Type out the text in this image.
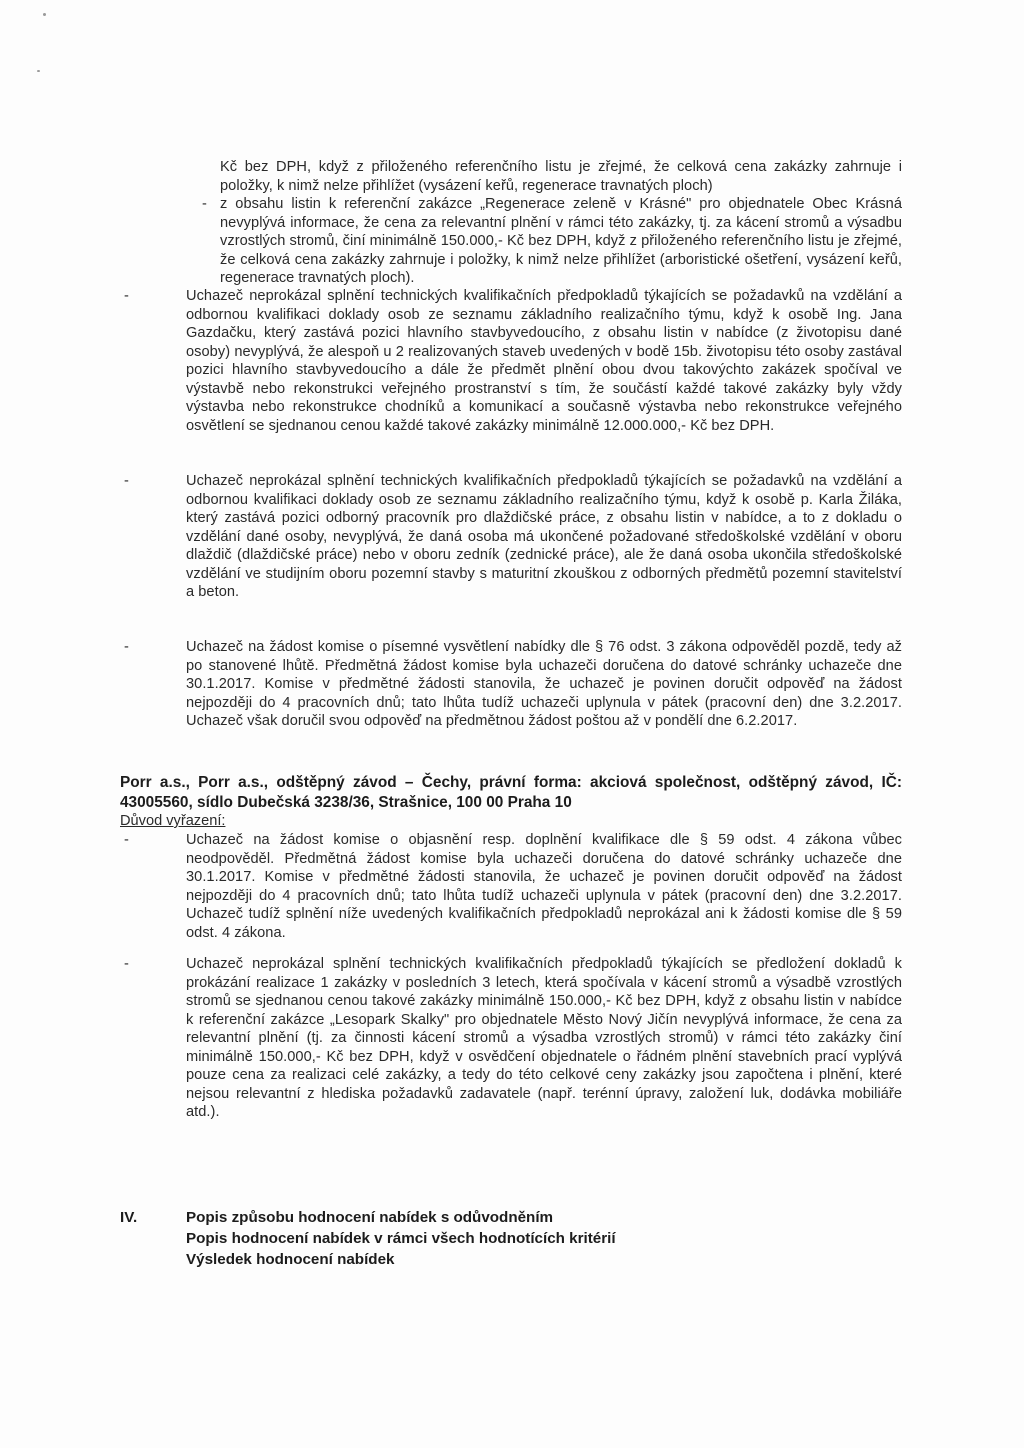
Kč bez DPH, když z přiloženého referenčního listu je zřejmé, že celková cena zakázky zahrnuje i položky, k nimž nelze přihlížet (vysázení keřů, regenerace travnatých ploch)
- z obsahu listin k referenční zakázce „Regenerace zeleně v Krásné" pro objednatele Obec Krásná nevyplývá informace, že cena za relevantní plnění v rámci této zakázky, tj. za kácení stromů a výsadbu vzrostlých stromů, činí minimálně 150.000,- Kč bez DPH, když z přiloženého referenčního listu je zřejmé, že celková cena zakázky zahrnuje i položky, k nimž nelze přihlížet (arboristické ošetření, vysázení keřů, regenerace travnatých ploch).
-	Uchazeč neprokázal splnění technických kvalifikačních předpokladů týkajících se požadavků na vzdělání a odbornou kvalifikaci doklady osob ze seznamu základního realizačního týmu, když k osobě Ing. Jana Gazdačku, který zastává pozici hlavního stavbyvedoucího, z obsahu listin v nabídce (z životopisu dané osoby) nevyplývá, že alespoň u 2 realizovaných staveb uvedených v bodě 15b. životopisu této osoby zastával pozici hlavního stavbyvedoucího a dále že předmět plnění obou dvou takovýchto zakázek spočíval ve výstavbě nebo rekonstrukci veřejného prostranství s tím, že součástí každé takové zakázky byly vždy výstavba nebo rekonstrukce chodníků a komunikací a současně výstavba nebo rekonstrukce veřejného osvětlení se sjednanou cenou každé takové zakázky minimálně 12.000.000,- Kč bez DPH.
-	Uchazeč neprokázal splnění technických kvalifikačních předpokladů týkajících se požadavků na vzdělání a odbornou kvalifikaci doklady osob ze seznamu základního realizačního týmu, když k osobě p. Karla Žiláka, který zastává pozici odborný pracovník pro dlaždičské práce, z obsahu listin v nabídce, a to z dokladu o vzdělání dané osoby, nevyplývá, že daná osoba má ukončené požadované středoškolské vzdělání v oboru dlaždič (dlaždičské práce) nebo v oboru zedník (zednické práce), ale že daná osoba ukončila středoškolské vzdělání ve studijním oboru pozemní stavby s maturitní zkouškou z odborných předmětů pozemní stavitelství a beton.
-	Uchazeč na žádost komise o písemné vysvětlení nabídky dle § 76 odst. 3 zákona odpověděl pozdě, tedy až po stanovené lhůtě. Předmětná žádost komise byla uchazeči doručena do datové schránky uchazeče dne 30.1.2017. Komise v předmětné žádosti stanovila, že uchazeč je povinen doručit odpověď na žádost nejpozději do 4 pracovních dnů; tato lhůta tudíž uchazeči uplynula v pátek (pracovní den) dne 3.2.2017. Uchazeč však doručil svou odpověď na předmětnou žádost poštou až v pondělí dne 6.2.2017.
Porr a.s., Porr a.s., odštěpný závod – Čechy, právní forma: akciová společnost, odštěpný závod, IČ: 43005560, sídlo Dubečská 3238/36, Strašnice, 100 00 Praha 10
Důvod vyřazení:
-	Uchazeč na žádost komise o objasnění resp. doplnění kvalifikace dle § 59 odst. 4 zákona vůbec neodpověděl. Předmětná žádost komise byla uchazeči doručena do datové schránky uchazeče dne 30.1.2017. Komise v předmětné žádosti stanovila, že uchazeč je povinen doručit odpověď na žádost nejpozději do 4 pracovních dnů; tato lhůta tudíž uchazeči uplynula v pátek (pracovní den) dne 3.2.2017. Uchazeč tudíž splnění níže uvedených kvalifikačních předpokladů neprokázal ani k žádosti komise dle § 59 odst. 4 zákona.
-	Uchazeč neprokázal splnění technických kvalifikačních předpokladů týkajících se předložení dokladů k prokázání realizace 1 zakázky v posledních 3 letech, která spočívala v kácení stromů a výsadbě vzrostlých stromů se sjednanou cenou takové zakázky minimálně 150.000,- Kč bez DPH, když z obsahu listin v nabídce k referenční zakázce „Lesopark Skalky" pro objednatele Město Nový Jičín nevyplývá informace, že cena za relevantní plnění (tj. za činnosti kácení stromů a výsadba vzrostlých stromů) v rámci této zakázky činí minimálně 150.000,- Kč bez DPH, když v osvědčení objednatele o řádném plnění stavebních prací vyplývá pouze cena za realizaci celé zakázky, a tedy do této celkové ceny zakázky jsou započtena i plnění, které nejsou relevantní z hlediska požadavků zadavatele (např. terénní úpravy, založení luk, dodávka mobiliáře atd.).
IV.	Popis způsobu hodnocení nabídek s odůvodněním
Popis hodnocení nabídek v rámci všech hodnotících kritérií
Výsledek hodnocení nabídek
